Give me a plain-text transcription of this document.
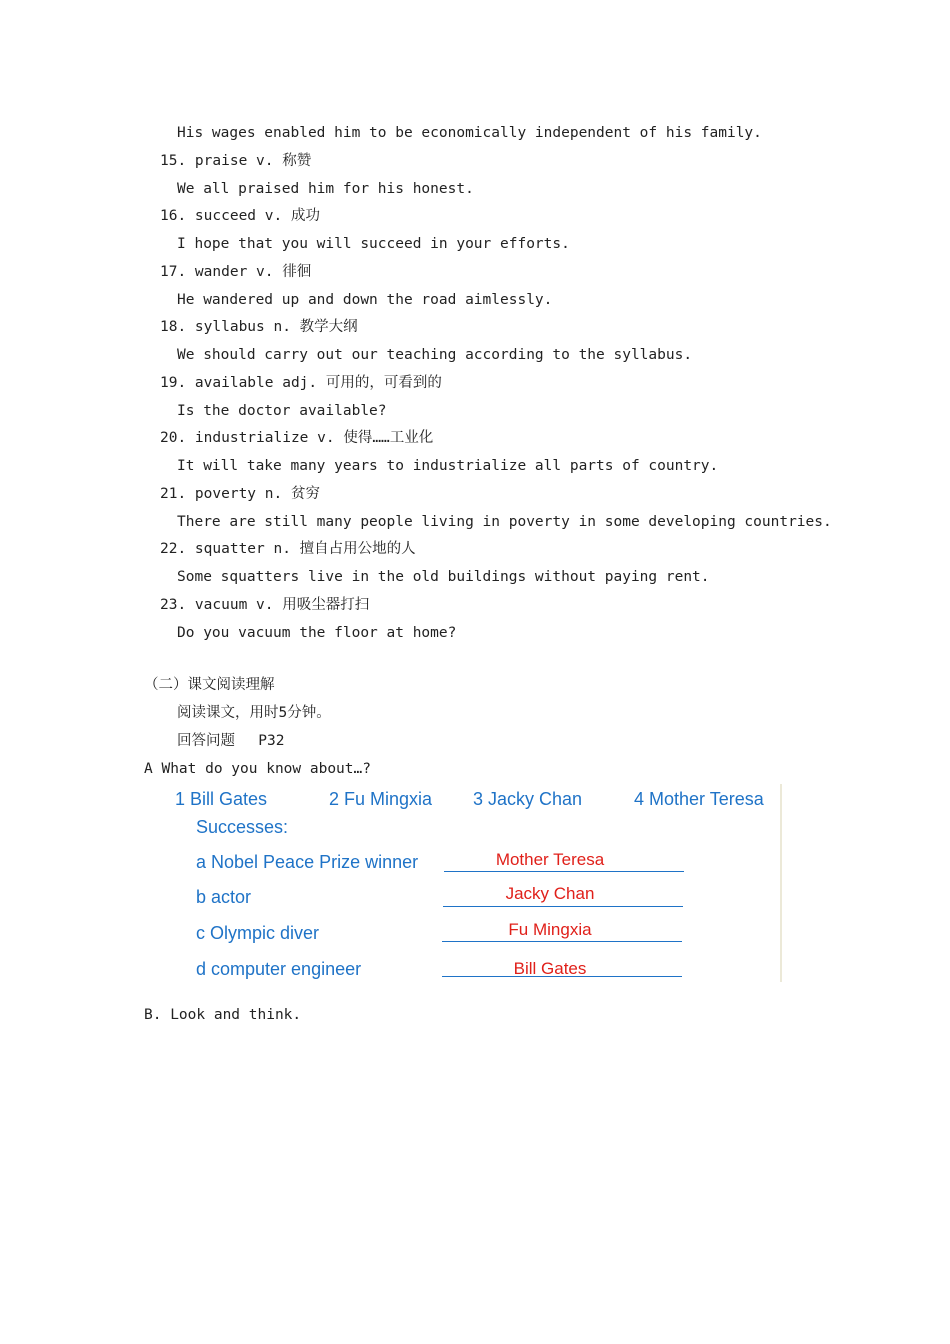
His wages enabled him to be economically independent of his family.
15. praise v. 称赞
We all praised him for his honest.
16. succeed v. 成功
I hope that you will succeed in your efforts.
17. wander v. 徘徊
He wandered up and down the road aimlessly.
18. syllabus n. 教学大纲
We should carry out our teaching according to the syllabus.
19. available adj. 可用的，可看到的
Is the doctor available?
20. industrialize v. 使得……工业化
It will take many years to industrialize all parts of country.
21. poverty n. 贫穷
There are still many people living in poverty in some developing countries.
22. squatter n. 擅自占用公地的人
Some squatters live in the old buildings without paying rent.
23. vacuum v. 用吸尘器打扫
Do you vacuum the floor at home?
（二）课文阅读理解
阅读课文，用时5分钟。
回答问题　 P32
A What do you know about…?
1 Bill Gates	2 Fu Mingxia 3 Jacky Chan	4 Mother Teresa
Successes:
a Nobel Peace Prize winner	Mother Teresa
b actor	Jacky Chan
c Olympic diver	Fu Mingxia
d computer engineer	Bill Gates
B. Look and think.
